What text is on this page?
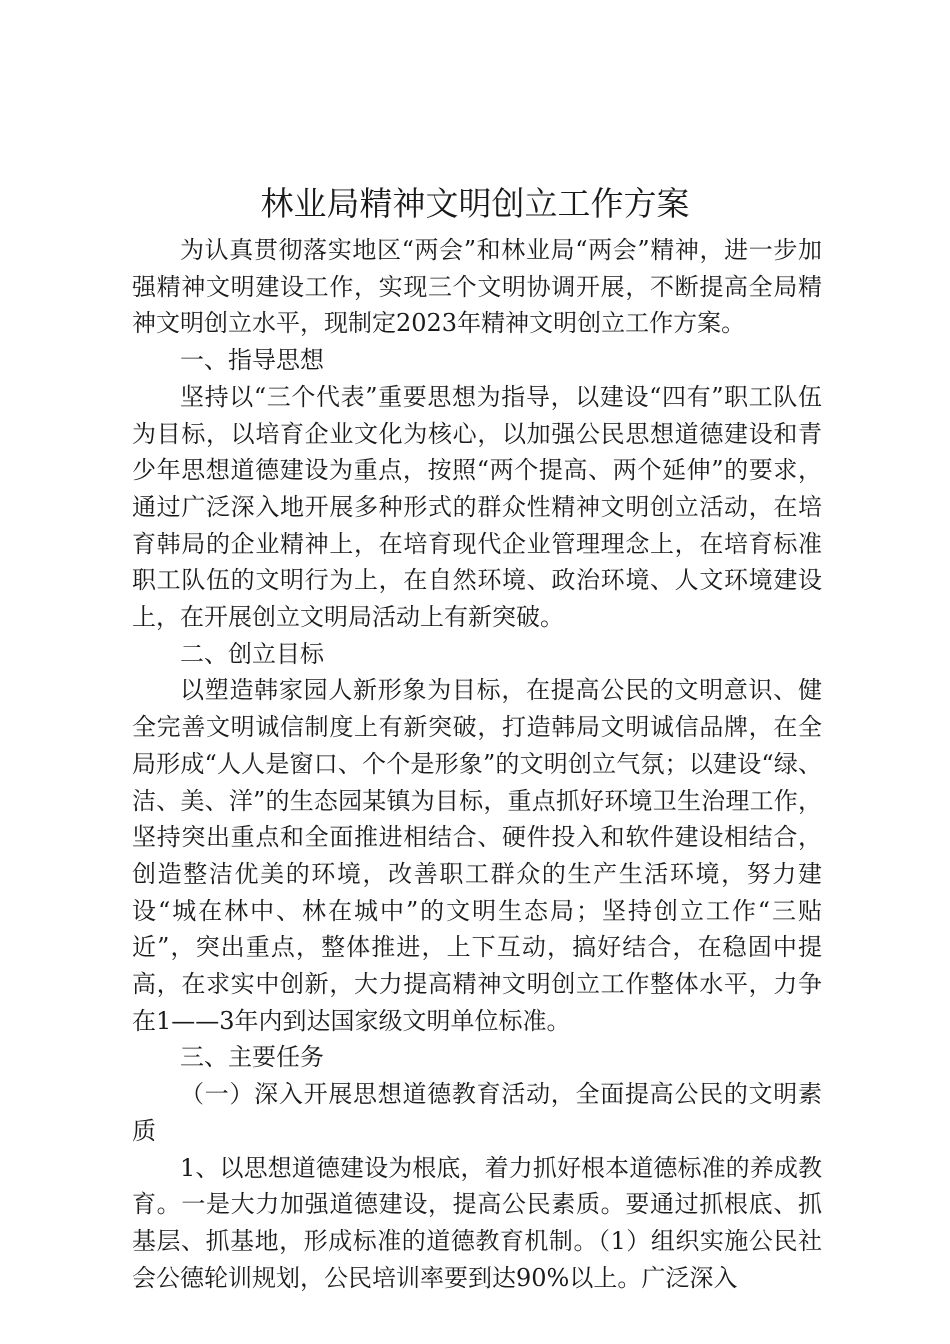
林业局精神文明创立工作方案

为认真贯彻落实地区“两会”和林业局“两会”精神，进一步加强精神文明建设工作，实现三个文明协调开展，不断提高全局精神文明创立水平，现制定2023年精神文明创立工作方案。

一、指导思想

坚持以“三个代表”重要思想为指导，以建设“四有”职工队伍为目标，以培育企业文化为核心，以加强公民思想道德建设和青少年思想道德建设为重点，按照“两个提高、两个延伸”的要求，通过广泛深入地开展多种形式的群众性精神文明创立活动，在培育韩局的企业精神上，在培育现代企业管理理念上，在培育标准职工队伍的文明行为上，在自然环境、政治环境、人文环境建设上，在开展创立文明局活动上有新突破。

二、创立目标

以塑造韩家园人新形象为目标，在提高公民的文明意识、健全完善文明诚信制度上有新突破，打造韩局文明诚信品牌，在全局形成“人人是窗口、个个是形象”的文明创立气氛；以建设“绿、洁、美、洋”的生态园某镇为目标，重点抓好环境卫生治理工作，坚持突出重点和全面推进相结合、硬件投入和软件建设相结合，创造整洁优美的环境，改善职工群众的生产生活环境，努力建设“城在林中、林在城中”的文明生态局；坚持创立工作“三贴近”，突出重点，整体推进，上下互动，搞好结合，在稳固中提高，在求实中创新，大力提高精神文明创立工作整体水平，力争在1——3年内到达国家级文明单位标准。

三、主要任务

（一）深入开展思想道德教育活动，全面提高公民的文明素质

1、以思想道德建设为根底，着力抓好根本道德标准的养成教育。一是大力加强道德建设，提高公民素质。要通过抓根底、抓基层、抓基地，形成标准的道德教育机制。（1）组织实施公民社会公德轮训规划，公民培训率要到达90%以上。广泛深入
